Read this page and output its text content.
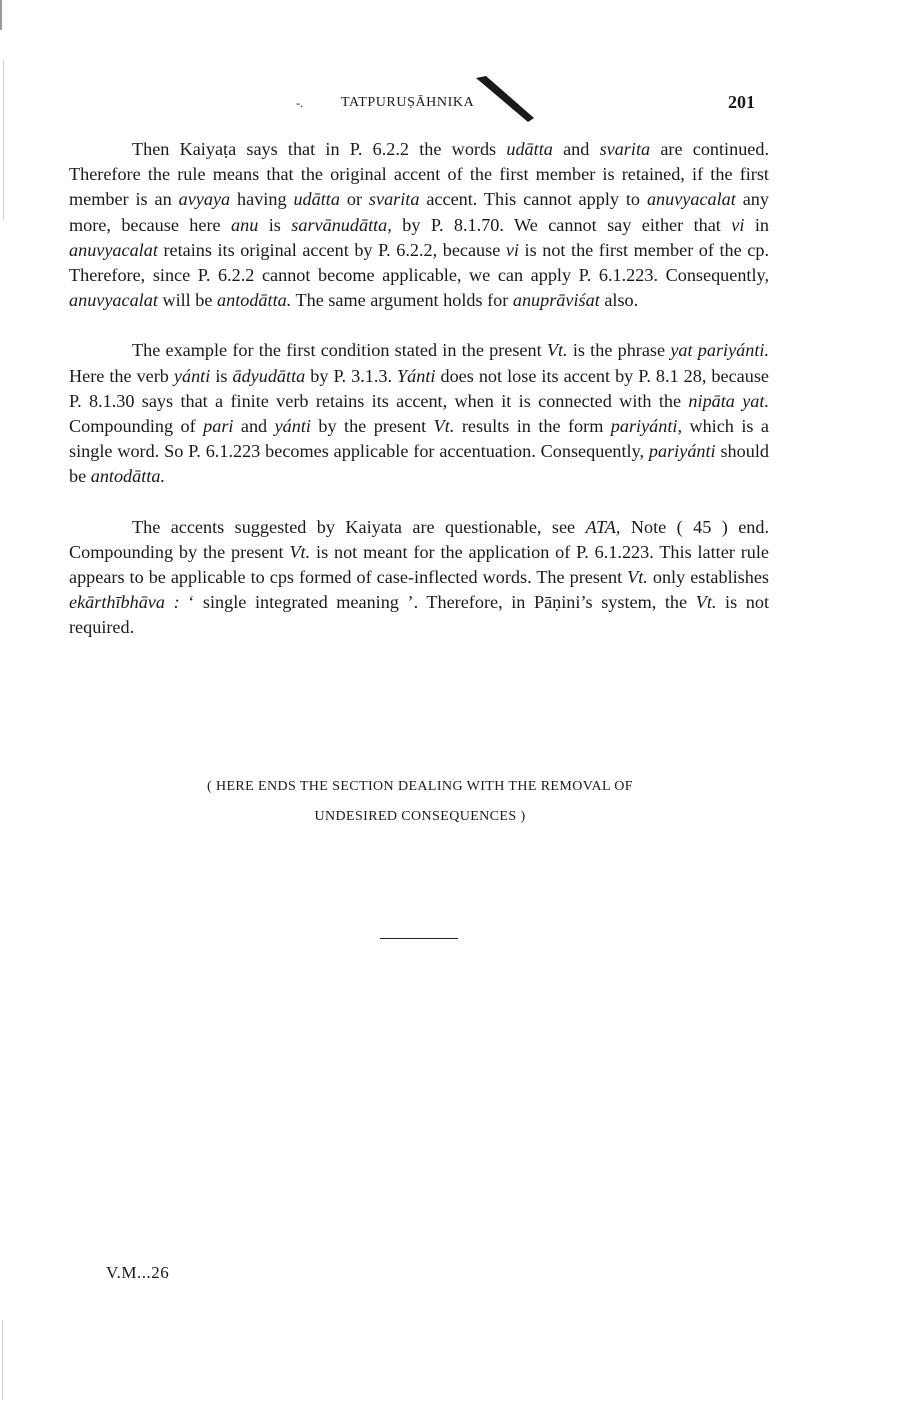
-.	TATPURUṢĀHNIKA	201

Then Kaiyaṭa says that in P. 6.2.2 the words udātta and svarita are continued. Therefore the rule means that the original accent of the first member is retained, if the first member is an avyaya having udātta or svarita accent. This cannot apply to anuvyacalat any more, because here anu is sarvānudātta, by P. 8.1.70. We cannot say either that vi in anuvyacalat retains its original accent by P. 6.2.2, because vi is not the first member of the cp. Therefore, since P. 6.2.2 cannot become applicable, we can apply P. 6.1.223. Consequently, anuvyacalat will be antodātta. The same argument holds for anuprāviśat also.

The example for the first condition stated in the present Vt. is the phrase yat pariyánti. Here the verb yánti is ādyudātta by P. 3.1.3. Yánti does not lose its accent by P. 8.1 28, because P. 8.1.30 says that a finite verb retains its accent, when it is connected with the nipāta yat. Compounding of pari and yánti by the present Vt. results in the form pariyánti, which is a single word. So P. 6.1.223 becomes applicable for accentuation. Consequently, pariyánti should be antodātta.

The accents suggested by Kaiyata are questionable, see ATA, Note ( 45 ) end. Compounding by the present Vt. is not meant for the application of P. 6.1.223. This latter rule appears to be applicable to cps formed of case-inflected words. The present Vt. only establishes ekārthībhāva : ‘ single integrated meaning ’. Therefore, in Pāṇini’s system, the Vt. is not required.

( HERE ENDS THE SECTION DEALING WITH THE REMOVAL OF
UNDESIRED CONSEQUENCES )
V.M...26
